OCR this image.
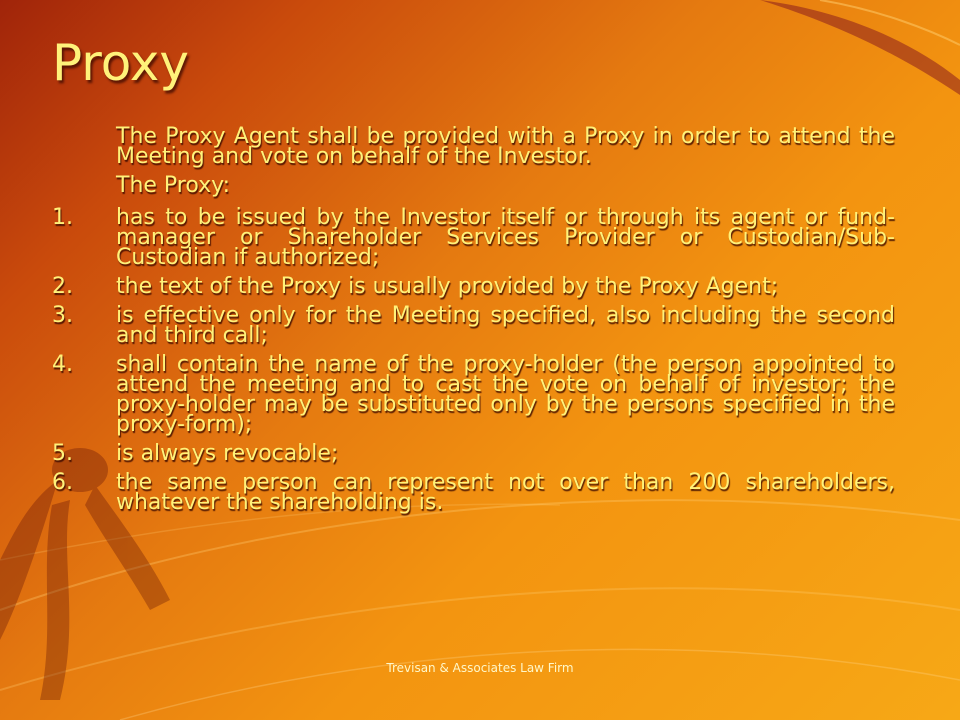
Proxy

The Proxy Agent shall be provided with a Proxy in order to attend the Meeting and vote on behalf of the Investor.

The Proxy:

1. has to be issued by the Investor itself or through its agent or fund-manager or Shareholder Services Provider or Custodian/Sub-Custodian if authorized;
2. the text of the Proxy is usually provided by the Proxy Agent;
3. is effective only for the Meeting specified, also including the second and third call;
4. shall contain the name of the proxy-holder (the person appointed to attend the meeting and to cast the vote on behalf of investor; the proxy-holder may be substituted only by the persons specified in the proxy-form);
5. is always revocable;
6. the same person can represent not over than 200 shareholders, whatever the shareholding is.
Trevisan & Associates Law Firm
